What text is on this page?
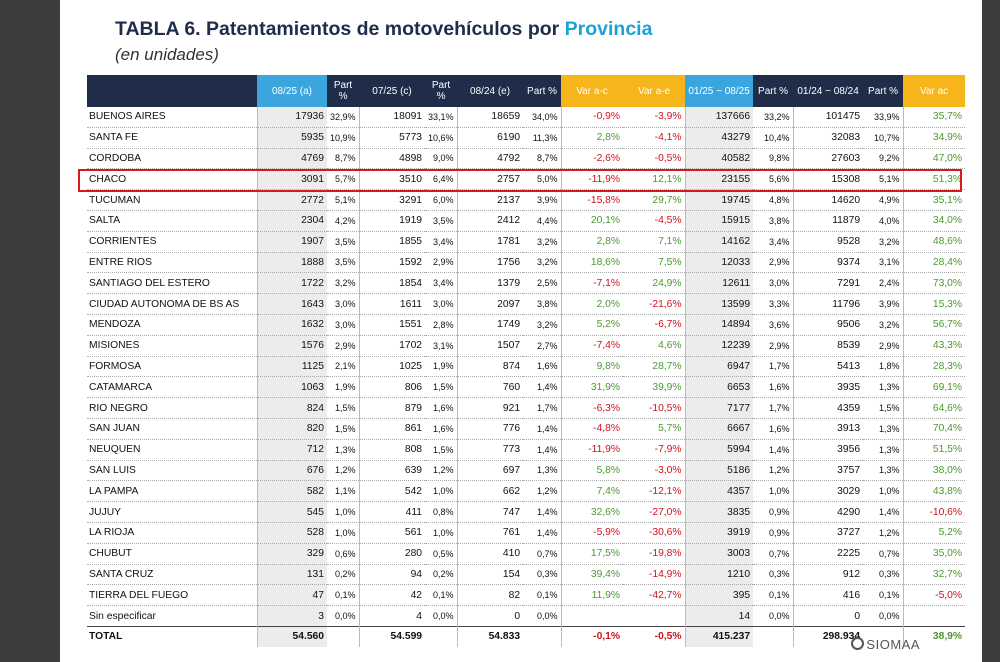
TABLA 6. Patentamientos de motovehículos por Provincia
(en unidades)
	08/25 (a)	Part %	07/25 (c)	Part %	08/24 (e)	Part %	Var a-c	Var a-e	01/25 ~ 08/25	Part %	01/24 ~ 08/24	Part %	Var ac
BUENOS AIRES	17936	32,9%	18091	33,1%	18659	34,0%	-0,9%	-3,9%	137666	33,2%	101475	33,9%	35,7%
SANTA FE	5935	10,9%	5773	10,6%	6190	11,3%	2,8%	-4,1%	43279	10,4%	32083	10,7%	34,9%
CORDOBA	4769	8,7%	4898	9,0%	4792	8,7%	-2,6%	-0,5%	40582	9,8%	27603	9,2%	47,0%
CHACO	3091	5,7%	3510	6,4%	2757	5,0%	-11,9%	12,1%	23155	5,6%	15308	5,1%	51,3%
TUCUMAN	2772	5,1%	3291	6,0%	2137	3,9%	-15,8%	29,7%	19745	4,8%	14620	4,9%	35,1%
SALTA	2304	4,2%	1919	3,5%	2412	4,4%	20,1%	-4,5%	15915	3,8%	11879	4,0%	34,0%
CORRIENTES	1907	3,5%	1855	3,4%	1781	3,2%	2,8%	7,1%	14162	3,4%	9528	3,2%	48,6%
ENTRE RIOS	1888	3,5%	1592	2,9%	1756	3,2%	18,6%	7,5%	12033	2,9%	9374	3,1%	28,4%
SANTIAGO DEL ESTERO	1722	3,2%	1854	3,4%	1379	2,5%	-7,1%	24,9%	12611	3,0%	7291	2,4%	73,0%
CIUDAD AUTONOMA DE BS AS	1643	3,0%	1611	3,0%	2097	3,8%	2,0%	-21,6%	13599	3,3%	11796	3,9%	15,3%
MENDOZA	1632	3,0%	1551	2,8%	1749	3,2%	5,2%	-6,7%	14894	3,6%	9506	3,2%	56,7%
MISIONES	1576	2,9%	1702	3,1%	1507	2,7%	-7,4%	4,6%	12239	2,9%	8539	2,9%	43,3%
FORMOSA	1125	2,1%	1025	1,9%	874	1,6%	9,8%	28,7%	6947	1,7%	5413	1,8%	28,3%
CATAMARCA	1063	1,9%	806	1,5%	760	1,4%	31,9%	39,9%	6653	1,6%	3935	1,3%	69,1%
RIO NEGRO	824	1,5%	879	1,6%	921	1,7%	-6,3%	-10,5%	7177	1,7%	4359	1,5%	64,6%
SAN JUAN	820	1,5%	861	1,6%	776	1,4%	-4,8%	5,7%	6667	1,6%	3913	1,3%	70,4%
NEUQUEN	712	1,3%	808	1,5%	773	1,4%	-11,9%	-7,9%	5994	1,4%	3956	1,3%	51,5%
SAN LUIS	676	1,2%	639	1,2%	697	1,3%	5,8%	-3,0%	5186	1,2%	3757	1,3%	38,0%
LA PAMPA	582	1,1%	542	1,0%	662	1,2%	7,4%	-12,1%	4357	1,0%	3029	1,0%	43,8%
JUJUY	545	1,0%	411	0,8%	747	1,4%	32,6%	-27,0%	3835	0,9%	4290	1,4%	-10,6%
LA RIOJA	528	1,0%	561	1,0%	761	1,4%	-5,9%	-30,6%	3919	0,9%	3727	1,2%	5,2%
CHUBUT	329	0,6%	280	0,5%	410	0,7%	17,5%	-19,8%	3003	0,7%	2225	0,7%	35,0%
SANTA CRUZ	131	0,2%	94	0,2%	154	0,3%	39,4%	-14,9%	1210	0,3%	912	0,3%	32,7%
TIERRA DEL FUEGO	47	0,1%	42	0,1%	82	0,1%	11,9%	-42,7%	395	0,1%	416	0,1%	-5,0%
Sin especificar	3	0,0%	4	0,0%	0	0,0%			14	0,0%	0	0,0%	
TOTAL	54.560		54.599		54.833		-0,1%	-0,5%	415.237		298.934		38,9%
SIOMAA
